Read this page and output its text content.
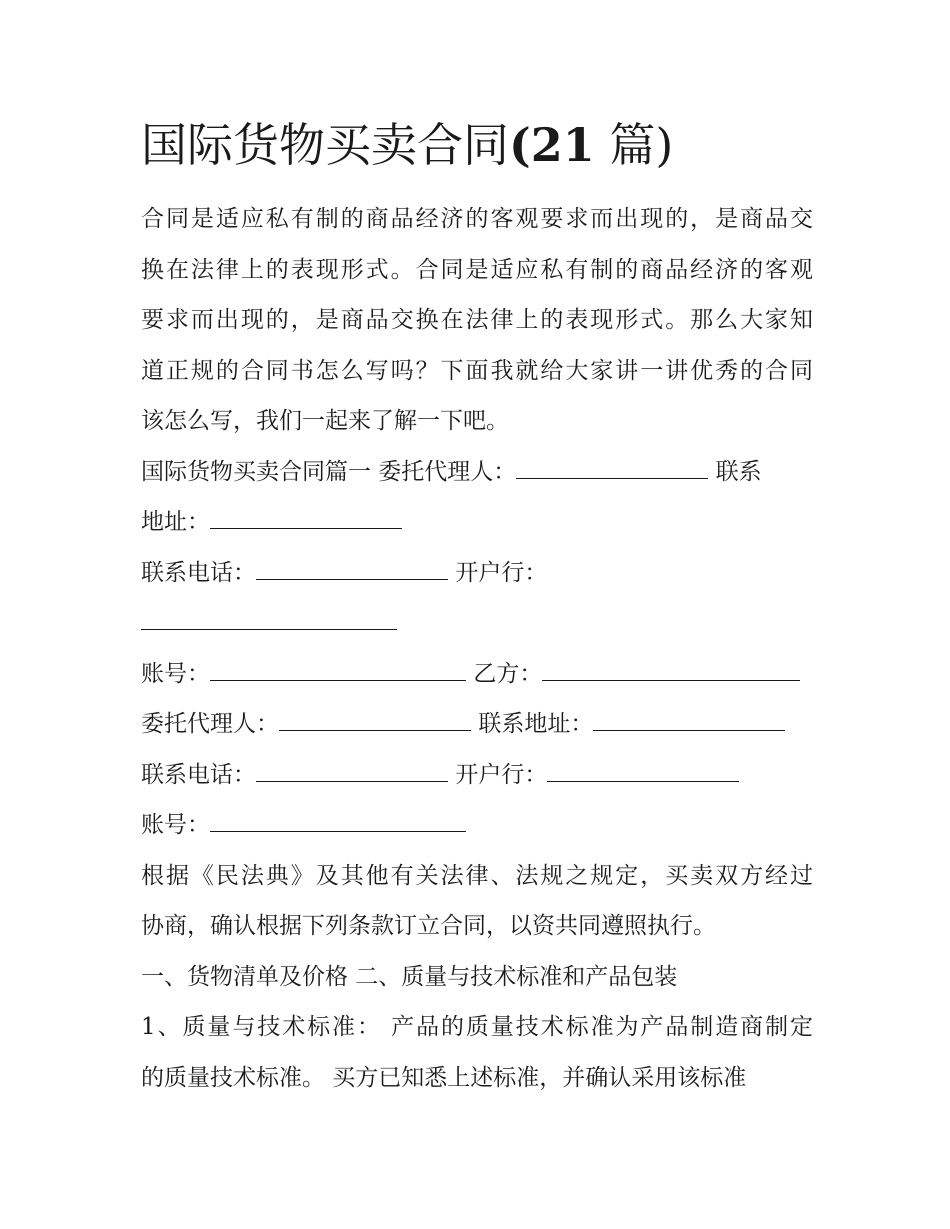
国际货物买卖合同(21 篇)
合同是适应私有制的商品经济的客观要求而出现的，是商品交
换在法律上的表现形式。合同是适应私有制的商品经济的客观
要求而出现的，是商品交换在法律上的表现形式。那么大家知
道正规的合同书怎么写吗？下面我就给大家讲一讲优秀的合同
该怎么写，我们一起来了解一下吧。
国际货物买卖合同篇一 委托代理人：	联系
地址：
联系电话：	开户行：
账号：	乙方：
委托代理人：	联系地址：
联系电话：	开户行：
账号：
根据《民法典》及其他有关法律、法规之规定，买卖双方经过
协商，确认根据下列条款订立合同，以资共同遵照执行。
一、货物清单及价格 二、质量与技术标准和产品包装
1、质量与技术标准： 产品的质量技术标准为产品制造商制定
的质量技术标准。 买方已知悉上述标准，并确认采用该标准
